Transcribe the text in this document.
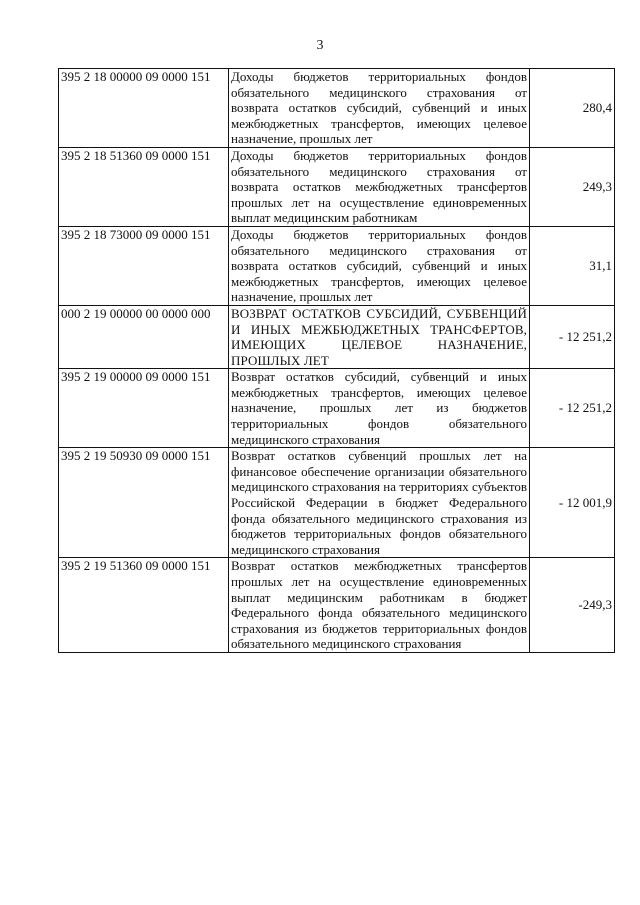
3
395 2 18 00000 09 0000 151	Доходы бюджетов территориальных фондов обязательного медицинского страхования от возврата остатков субсидий, субвенций и иных межбюджетных трансфертов, имеющих целевое назначение, прошлых лет	280,4
395 2 18 51360 09 0000 151	Доходы бюджетов территориальных фондов обязательного медицинского страхования от возврата остатков межбюджетных трансфертов прошлых лет на осуществление единовременных выплат медицинским работникам	249,3
395 2 18 73000 09 0000 151	Доходы бюджетов территориальных фондов обязательного медицинского страхования от возврата остатков субсидий, субвенций и иных межбюджетных трансфертов, имеющих целевое назначение, прошлых лет	31,1
000 2 19 00000 00 0000 000	ВОЗВРАТ ОСТАТКОВ СУБСИДИЙ, СУБВЕНЦИЙ И ИНЫХ МЕЖБЮДЖЕТНЫХ ТРАНСФЕРТОВ, ИМЕЮЩИХ ЦЕЛЕВОЕ НАЗНАЧЕНИЕ, ПРОШЛЫХ ЛЕТ	- 12 251,2
395 2 19 00000 09 0000 151	Возврат остатков субсидий, субвенций и иных межбюджетных трансфертов, имеющих целевое назначение, прошлых лет из бюджетов территориальных фондов обязательного медицинского страхования	- 12 251,2
395 2 19 50930 09 0000 151	Возврат остатков субвенций прошлых лет на финансовое обеспечение организации обязательного медицинского страхования на территориях субъектов Российской Федерации в бюджет Федерального фонда обязательного медицинского страхования из бюджетов территориальных фондов обязательного медицинского страхования	- 12 001,9
395 2 19 51360 09 0000 151	Возврат остатков межбюджетных трансфертов прошлых лет на осуществление единовременных выплат медицинским работникам в бюджет Федерального фонда обязательного медицинского страхования из бюджетов территориальных фондов обязательного медицинского страхования	-249,3
